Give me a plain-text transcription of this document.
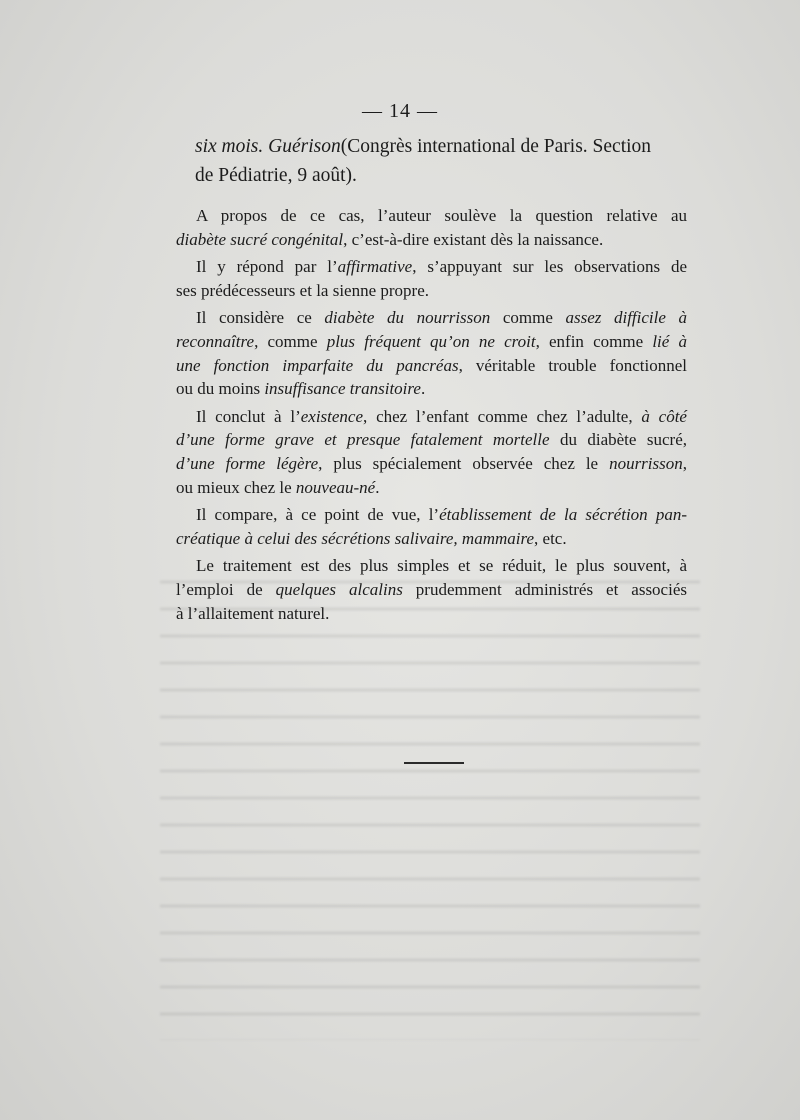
— 14 —
six mois. Guérison(Congrès international de Paris. Section
de Pédiatrie, 9 août).

A propos de ce cas, l’auteur soulève la question relative au
diabète sucré congénital, c’est-à-dire existant dès la naissance.

Il y répond par l’affirmative, s’appuyant sur les observations de
ses prédécesseurs et la sienne propre.

Il considère ce diabète du nourrisson comme assez difficile à
reconnaître, comme plus fréquent qu’on ne croit, enfin comme lié à
une fonction imparfaite du pancréas, véritable trouble fonctionnel
ou du moins insuffisance transitoire.

Il conclut à l’existence, chez l’enfant comme chez l’adulte, à côté
d’une forme grave et presque fatalement mortelle du diabète sucré,
d’une forme légère, plus spécialement observée chez le nourrisson,
ou mieux chez le nouveau-né.

Il compare, à ce point de vue, l’établissement de la sécrétion pan-
créatique à celui des sécrétions salivaire, mammaire, etc.

Le traitement est des plus simples et se réduit, le plus souvent, à
l’emploi de quelques alcalins prudemment administrés et associés
à l’allaitement naturel.
